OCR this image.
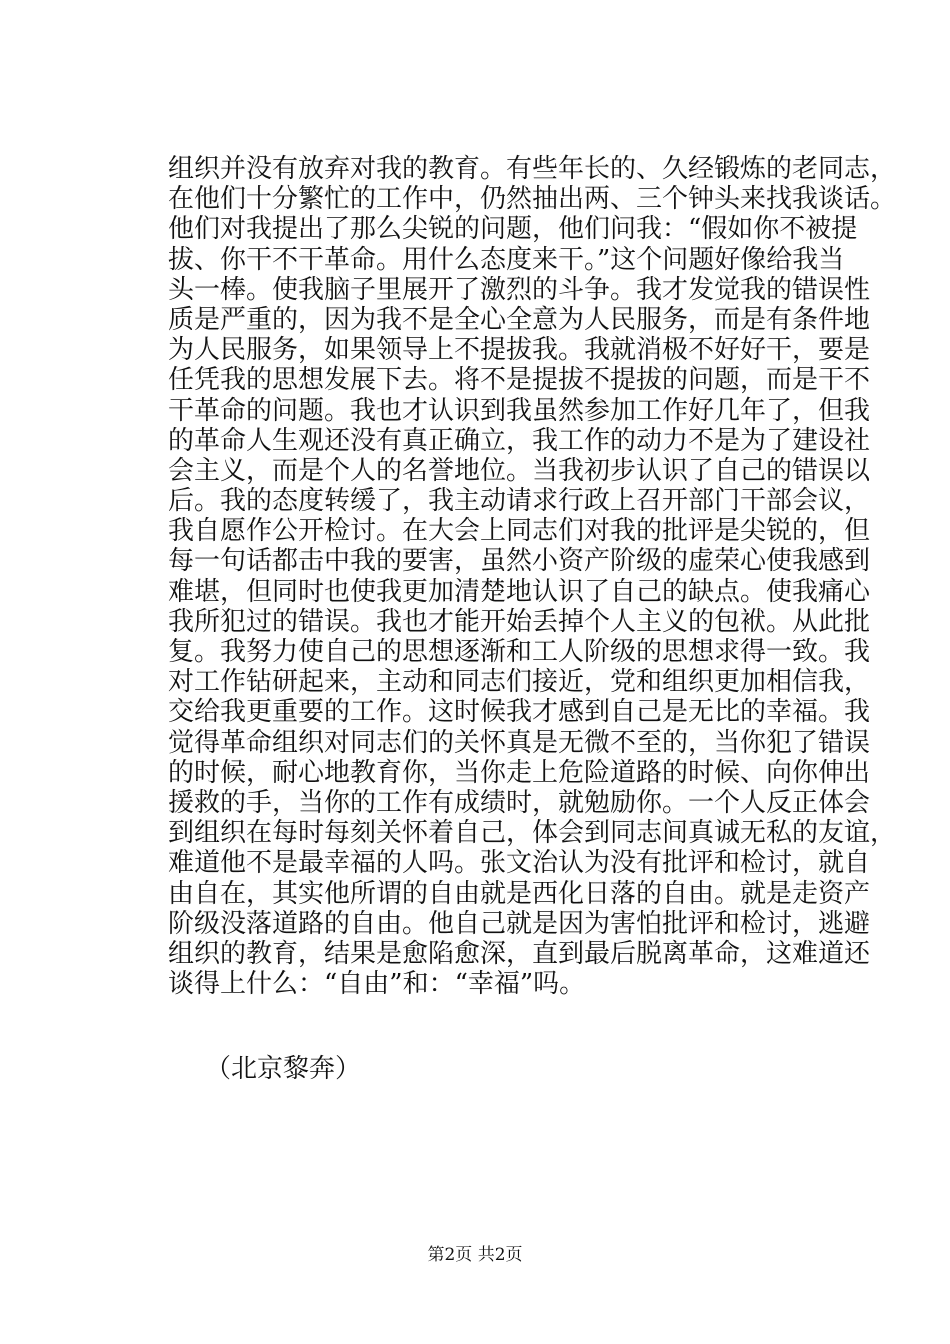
组织并没有放弃对我的教育。有些年长的、久经锻炼的老同志，
在他们十分繁忙的工作中，仍然抽出两、三个钟头来找我谈话。
他们对我提出了那么尖锐的问题，他们问我：“假如你不被提
拔、你干不干革命。用什么态度来干。”这个问题好像给我当
头一棒。使我脑子里展开了激烈的斗争。我才发觉我的错误性
质是严重的，因为我不是全心全意为人民服务，而是有条件地
为人民服务，如果领导上不提拔我。我就消极不好好干，要是
任凭我的思想发展下去。将不是提拔不提拔的问题，而是干不
干革命的问题。我也才认识到我虽然参加工作好几年了，但我
的革命人生观还没有真正确立，我工作的动力不是为了建设社
会主义，而是个人的名誉地位。当我初步认识了自己的错误以
后。我的态度转缓了，我主动请求行政上召开部门干部会议，
我自愿作公开检讨。在大会上同志们对我的批评是尖锐的，但
每一句话都击中我的要害，虽然小资产阶级的虚荣心使我感到
难堪，但同时也使我更加清楚地认识了自己的缺点。使我痛心
我所犯过的错误。我也才能开始丢掉个人主义的包袱。从此批
复。我努力使自己的思想逐渐和工人阶级的思想求得一致。我
对工作钻研起来，主动和同志们接近，党和组织更加相信我，
交给我更重要的工作。这时候我才感到自己是无比的幸福。我
觉得革命组织对同志们的关怀真是无微不至的，当你犯了错误
的时候，耐心地教育你，当你走上危险道路的时候、向你伸出
援救的手，当你的工作有成绩时，就勉励你。一个人反正体会
到组织在每时每刻关怀着自己，体会到同志间真诚无私的友谊，
难道他不是最幸福的人吗。张文治认为没有批评和检讨，就自
由自在，其实他所谓的自由就是西化日落的自由。就是走资产
阶级没落道路的自由。他自己就是因为害怕批评和检讨，逃避
组织的教育，结果是愈陷愈深，直到最后脱离革命，这难道还
谈得上什么：“自由”和：“幸福”吗。
（北京黎奔）
第2页 共2页
